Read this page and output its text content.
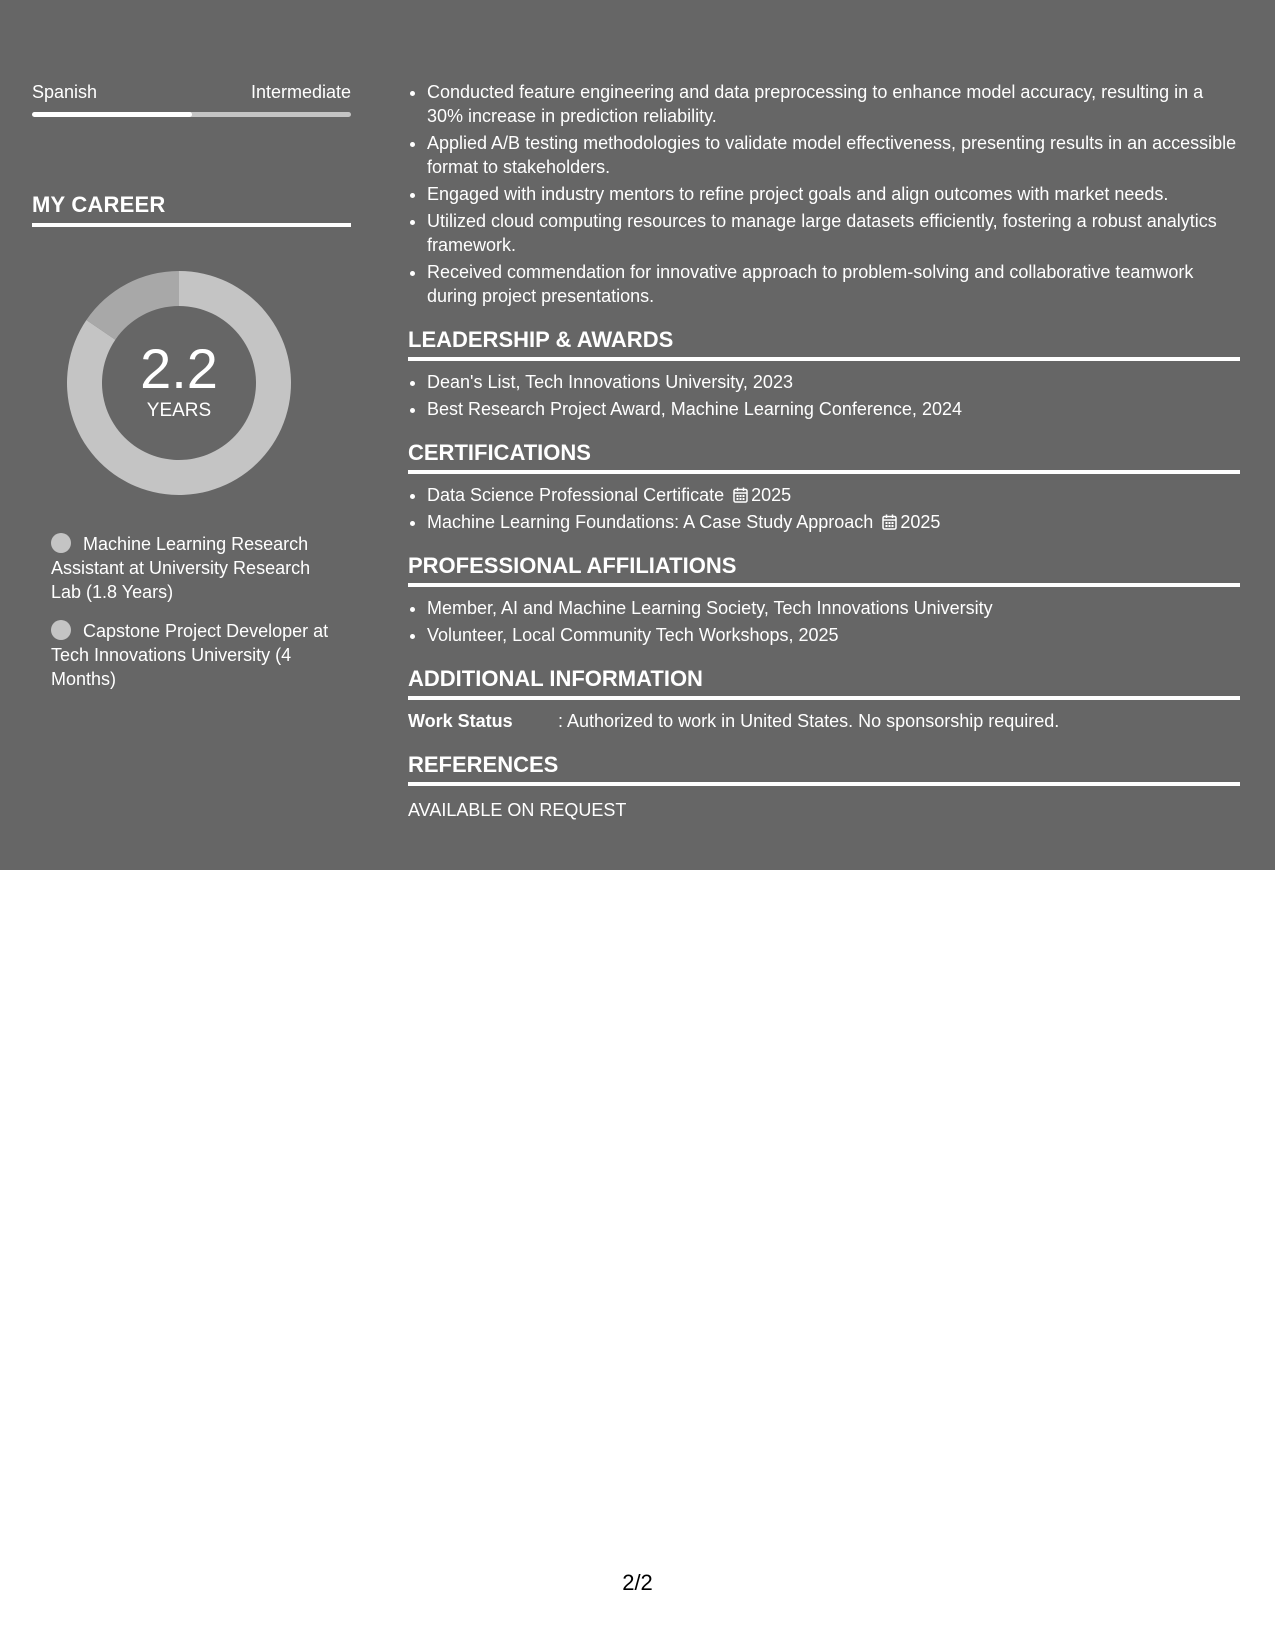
Spanish	Intermediate
MY CAREER
2.2
YEARS
Machine Learning Research Assistant at University Research Lab (1.8 Years)
Capstone Project Developer at Tech Innovations University (4 Months)
• Conducted feature engineering and data preprocessing to enhance model accuracy, resulting in a 30% increase in prediction reliability.
• Applied A/B testing methodologies to validate model effectiveness, presenting results in an accessible format to stakeholders.
• Engaged with industry mentors to refine project goals and align outcomes with market needs.
• Utilized cloud computing resources to manage large datasets efficiently, fostering a robust analytics framework.
• Received commendation for innovative approach to problem-solving and collaborative teamwork during project presentations.
LEADERSHIP & AWARDS
• Dean's List, Tech Innovations University, 2023
• Best Research Project Award, Machine Learning Conference, 2024
CERTIFICATIONS
• Data Science Professional Certificate 2025
• Machine Learning Foundations: A Case Study Approach 2025
PROFESSIONAL AFFILIATIONS
• Member, AI and Machine Learning Society, Tech Innovations University
• Volunteer, Local Community Tech Workshops, 2025
ADDITIONAL INFORMATION
Work Status	: Authorized to work in United States. No sponsorship required.
REFERENCES
AVAILABLE ON REQUEST
2/2
